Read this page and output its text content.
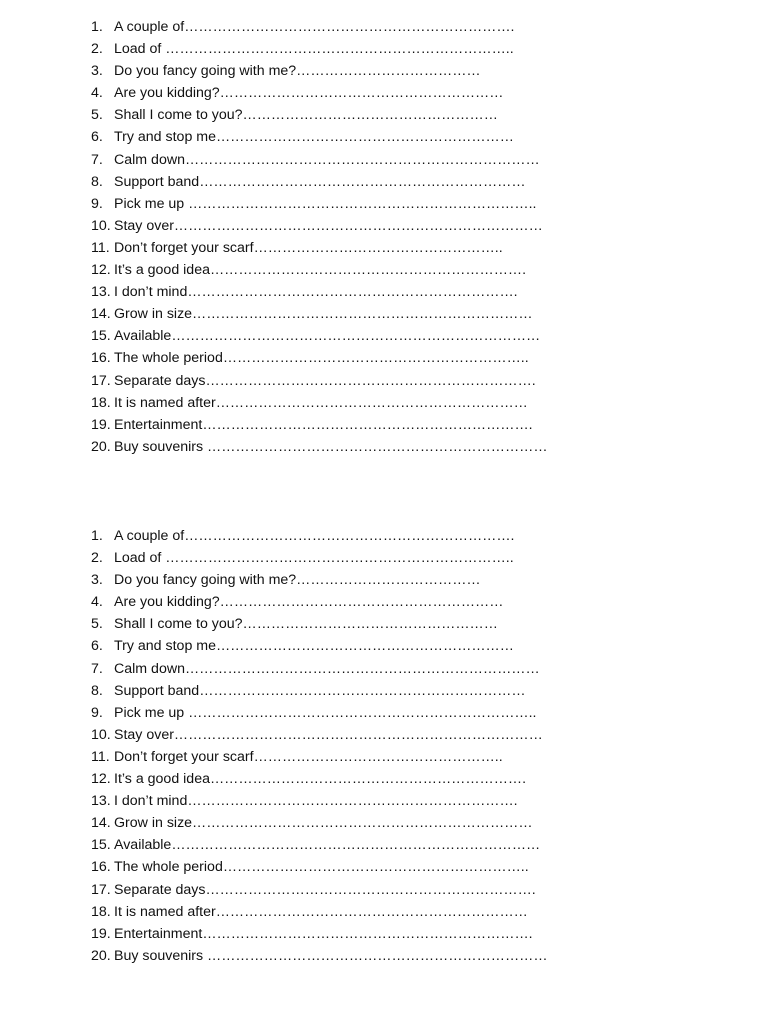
1. A couple of…………………………………………………………….
2. Load of ………………………………………………………………..
3. Do you fancy going with me?…………………………………
4. Are you kidding?……………………………………………………
5. Shall I come to you?………………………………………………
6. Try and stop me………………………………………………………
7. Calm down…………………………………………………………………
8. Support band……………………………………………………………
9. Pick me up ………………………………………………………………..
10. Stay over……………………………………………………………………
11. Don’t forget your scarf……………………………………………..
12. It’s a good idea………………………………………………………….
13. I don’t mind…………………………………………………………….
14. Grow in size………………………………………………………………
15. Available……………………………………………………………………
16. The whole period………………………………………………………..
17. Separate days…………………………………………………………….
18. It is named after…………………………………………………………
19. Entertainment…………………………………………………………….
20. Buy souvenirs ………………………………………………………………
1. A couple of…………………………………………………………….
2. Load of ………………………………………………………………..
3. Do you fancy going with me?…………………………………
4. Are you kidding?……………………………………………………
5. Shall I come to you?………………………………………………
6. Try and stop me………………………………………………………
7. Calm down…………………………………………………………………
8. Support band……………………………………………………………
9. Pick me up ………………………………………………………………..
10. Stay over……………………………………………………………………
11. Don’t forget your scarf……………………………………………..
12. It’s a good idea………………………………………………………….
13. I don’t mind…………………………………………………………….
14. Grow in size………………………………………………………………
15. Available……………………………………………………………………
16. The whole period………………………………………………………..
17. Separate days…………………………………………………………….
18. It is named after…………………………………………………………
19. Entertainment…………………………………………………………….
20. Buy souvenirs ………………………………………………………………
